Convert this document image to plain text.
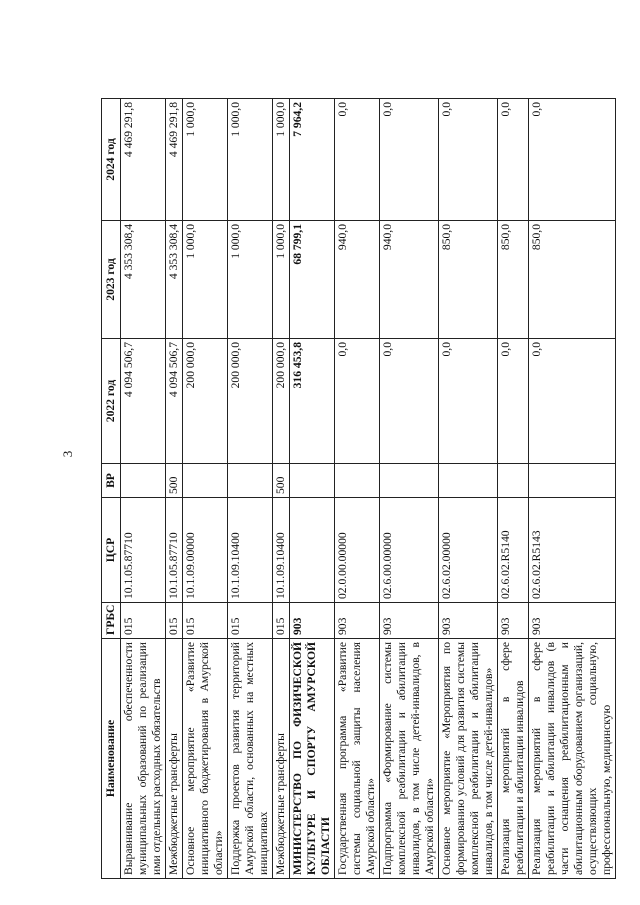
3
Наименование	ГРБС	ЦСР	ВР	2022 год	2023 год	2024 год
Выравнивание обеспеченности муниципальных образований по реализации ими отдельных расходных обязательств	015	10.1.05.87710		4 094 506,7	4 353 308,4	4 469 291,8
Межбюджетные трансферты	015	10.1.05.87710	500	4 094 506,7	4 353 308,4	4 469 291,8
Основное мероприятие «Развитие инициативного бюджетирования в Амурской области»	015	10.1.09.00000		200 000,0	1 000,0	1 000,0
Поддержка проектов развития территорий Амурской области, основанных на местных инициативах	015	10.1.09.10400		200 000,0	1 000,0	1 000,0
Межбюджетные трансферты	015	10.1.09.10400	500	200 000,0	1 000,0	1 000,0
МИНИСТЕРСТВО ПО ФИЗИЧЕСКОЙ КУЛЬТУРЕ И СПОРТУ АМУРСКОЙ ОБЛАСТИ	903			316 453,8	68 799,1	7 964,2
Государственная программа «Развитие системы социальной защиты населения Амурской области»	903	02.0.00.00000		0,0	940,0	0,0
Подпрограмма «Формирование системы комплексной реабилитации и абилитации инвалидов, в том числе детей-инвалидов, в Амурской области»	903	02.6.00.00000		0,0	940,0	0,0
Основное мероприятие «Мероприятия по формированию условий для развития системы комплексной реабилитации и абилитации инвалидов, в том числе детей-инвалидов»	903	02.6.02.00000		0,0	850,0	0,0
Реализация мероприятий в сфере реабилитации и абилитации инвалидов	903	02.6.02.R5140		0,0	850,0	0,0
Реализация мероприятий в сфере реабилитации и абилитации инвалидов (в части оснащения реабилитационным и абилитационным оборудованием организаций, осуществляющих социальную, профессиональную, медицинскую	903	02.6.02.R5143		0,0	850,0	0,0
